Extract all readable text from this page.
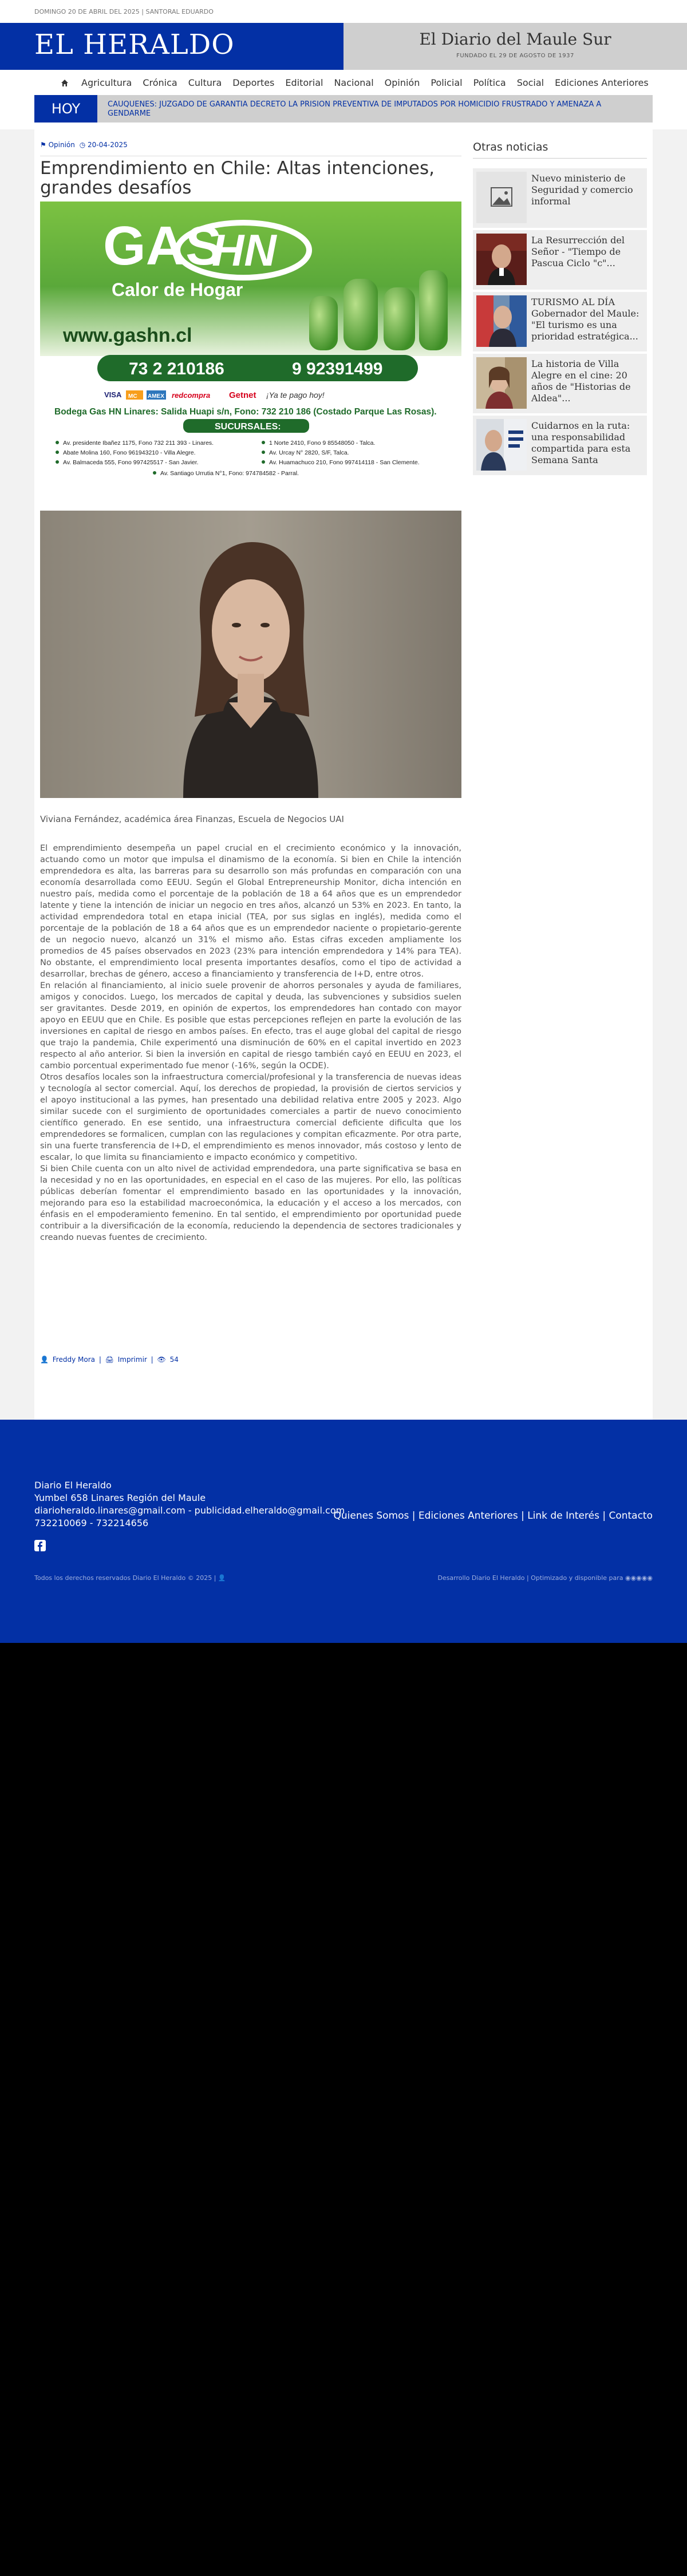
DOMINGO 20 DE ABRIL DEL 2025 | SANTORAL EDUARDO
EL HERALDO	El Diario del Maule Sur
FUNDADO EL 29 DE AGOSTO DE 1937
Agricultura Crónica Cultura Deportes Editorial Nacional Opinión Policial Política Social Ediciones Anteriores
HOY	CAUQUENES: JUZGADO DE GARANTIA DECRETO LA PRISION PREVENTIVA DE IMPUTADOS POR HOMICIDIO FRUSTRADO Y AMENAZA A GENDARME
⚑ Opinión ◷ 20-04-2025
Emprendimiento en Chile: Altas intenciones, grandes desafíos
GAS
HN
Calor de Hogar
www.gashn.cl
73 2 210186	9 92391499
VISA MC AMEX redcompra Getnet ¡Ya te pago hoy!
Bodega Gas HN Linares: Salida Huapi s/n, Fono: 732 210 186 (Costado Parque Las Rosas).
SUCURSALES:
Av. presidente Ibañez 1175, Fono 732 211 393 - Linares.
Abate Molina 160, Fono 961943210 - Villa Alegre.
Av. Balmaceda 555, Fono 997425517 - San Javier.
1 Norte 2410, Fono 9 85548050 - Talca.
Av. Urcay N° 2820, S/F, Talca.
Av. Huamachuco 210, Fono 997414118 - San Clemente.
Av. Santiago Urrutia N°1, Fono: 974784582 - Parral.
Viviana Fernández, académica área Finanzas, Escuela de Negocios UAI

El emprendimiento desempeña un papel crucial en el crecimiento económico y la innovación, actuando como un motor que impulsa el dinamismo de la economía. Si bien en Chile la intención emprendedora es alta, las barreras para su desarrollo son más profundas en comparación con una economía desarrollada como EEUU. Según el Global Entrepreneurship Monitor, dicha intención en nuestro país, medida como el porcentaje de la población de 18 a 64 años que es un emprendedor latente y tiene la intención de iniciar un negocio en tres años, alcanzó un 53% en 2023. En tanto, la actividad emprendedora total en etapa inicial (TEA, por sus siglas en inglés), medida como el porcentaje de la población de 18 a 64 años que es un emprendedor naciente o propietario-gerente de un negocio nuevo, alcanzó un 31% el mismo año. Estas cifras exceden ampliamente los promedios de 45 países observados en 2023 (23% para intención emprendedora y 14% para TEA). No obstante, el emprendimiento local presenta importantes desafíos, como el tipo de actividad a desarrollar, brechas de género, acceso a financiamiento y transferencia de I+D, entre otros.

En relación al financiamiento, al inicio suele provenir de ahorros personales y ayuda de familiares, amigos y conocidos. Luego, los mercados de capital y deuda, las subvenciones y subsidios suelen ser gravitantes. Desde 2019, en opinión de expertos, los emprendedores han contado con mayor apoyo en EEUU que en Chile. Es posible que estas percepciones reflejen en parte la evolución de las inversiones en capital de riesgo en ambos países. En efecto, tras el auge global del capital de riesgo que trajo la pandemia, Chile experimentó una disminución de 60% en el capital invertido en 2023 respecto al año anterior. Si bien la inversión en capital de riesgo también cayó en EEUU en 2023, el cambio porcentual experimentado fue menor (-16%, según la OCDE).

Otros desafíos locales son la infraestructura comercial/profesional y la transferencia de nuevas ideas y tecnología al sector comercial. Aquí, los derechos de propiedad, la provisión de ciertos servicios y el apoyo institucional a las pymes, han presentado una debilidad relativa entre 2005 y 2023. Algo similar sucede con el surgimiento de oportunidades comerciales a partir de nuevo conocimiento científico generado. En ese sentido, una infraestructura comercial deficiente dificulta que los emprendedores se formalicen, cumplan con las regulaciones y compitan eficazmente. Por otra parte, sin una fuerte transferencia de I+D, el emprendimiento es menos innovador, más costoso y lento de escalar, lo que limita su financiamiento e impacto económico y competitivo.

Si bien Chile cuenta con un alto nivel de actividad emprendedora, una parte significativa se basa en la necesidad y no en las oportunidades, en especial en el caso de las mujeres. Por ello, las políticas públicas deberían fomentar el emprendimiento basado en las oportunidades y la innovación, mejorando para eso la estabilidad macroeconómica, la educación y el acceso a los mercados, con énfasis en el empoderamiento femenino. En tal sentido, el emprendimiento por oportunidad puede contribuir a la diversificación de la economía, reduciendo la dependencia de sectores tradicionales y creando nuevas fuentes de crecimiento.

👤 Freddy Mora | 🖨 Imprimir | 👁 54
Otras noticias
Nuevo ministerio de Seguridad y comercio informal
La Resurrección del Señor - "Tiempo de Pascua Ciclo "c"...
TURISMO AL DÍA Gobernador del Maule: "El turismo es una prioridad estratégica...
La historia de Villa Alegre en el cine: 20 años de "Historias de Aldea"...
Cuidarnos en la ruta: una responsabilidad compartida para esta Semana Santa
Diario El Heraldo
Yumbel 658 Linares Región del Maule
diarioheraldo.linares@gmail.com - publicidad.elheraldo@gmail.com
732210069 - 732214656
Quienes Somos | Ediciones Anteriores | Link de Interés | Contacto
Todos los derechos reservados Diario El Heraldo © 2025 | 👤	Desarrollo Diario El Heraldo | Optimizado y disponible para ◉◉◉◉◉
